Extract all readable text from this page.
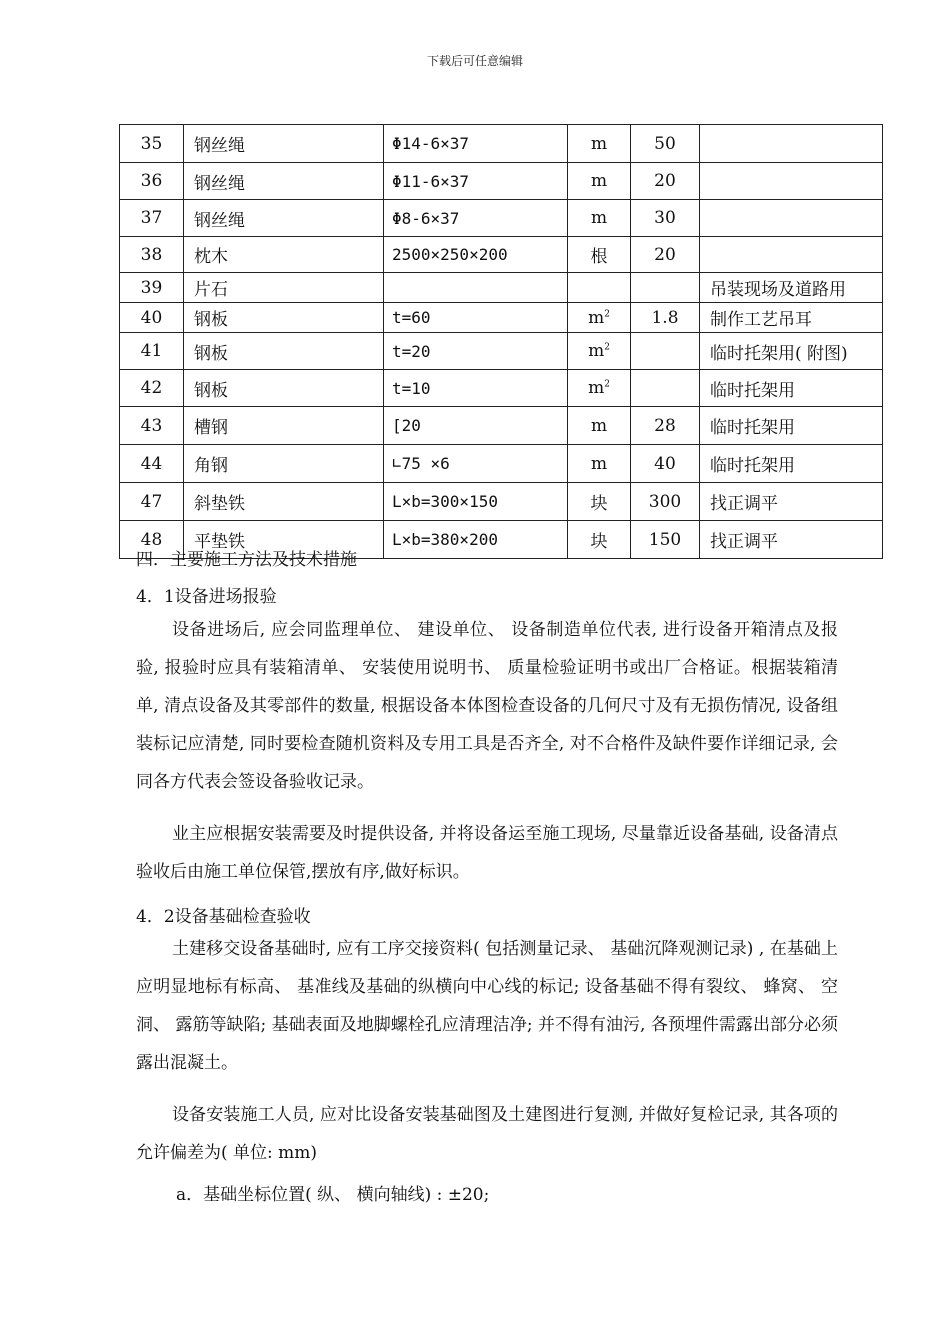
下载后可任意编辑
35	钢丝绳	Φ14-6×37	m	50	
36	钢丝绳	Φ11-6×37	m	20	
37	钢丝绳	Φ8-6×37	m	30	
38	枕木	2500×250×200	根	20	
39	片石				吊装现场及道路用
40	钢板	t=60	$m^2$	1.8	制作工艺吊耳
41	钢板	t=20	$m^2$		临时托架用( 附图)
42	钢板	t=10	$m^2$		临时托架用
43	槽钢	[20	m	28	临时托架用
44	角钢	∟75 ×6	m	40	临时托架用
47	斜垫铁	L×b=300×150	块	300	找正调平
48	平垫铁	L×b=380×200	块	150	找正调平
四．主要施工方法及技术措施
4．1设备进场报验
设备进场后, 应会同监理单位、 建设单位、 设备制造单位代表, 进行设备开箱清点及报验, 报验时应具有装箱清单、 安装使用说明书、 质量检验证明书或出厂合格证。根据装箱清单, 清点设备及其零部件的数量, 根据设备本体图检查设备的几何尺寸及有无损伤情况, 设备组装标记应清楚, 同时要检查随机资料及专用工具是否齐全, 对不合格件及缺件要作详细记录, 会同各方代表会签设备验收记录。
业主应根据安装需要及时提供设备, 并将设备运至施工现场, 尽量靠近设备基础, 设备清点验收后由施工单位保管,摆放有序,做好标识。
4．2设备基础检查验收
土建移交设备基础时, 应有工序交接资料( 包括测量记录、 基础沉降观测记录) , 在基础上应明显地标有标高、 基准线及基础的纵横向中心线的标记; 设备基础不得有裂纹、 蜂窝、 空洞、 露筋等缺陷; 基础表面及地脚螺栓孔应清理洁净; 并不得有油污, 各预埋件需露出部分必须露出混凝土。
设备安装施工人员, 应对比设备安装基础图及土建图进行复测, 并做好复检记录, 其各项的允许偏差为( 单位: mm)
a．基础坐标位置( 纵、 横向轴线) : ±20;
